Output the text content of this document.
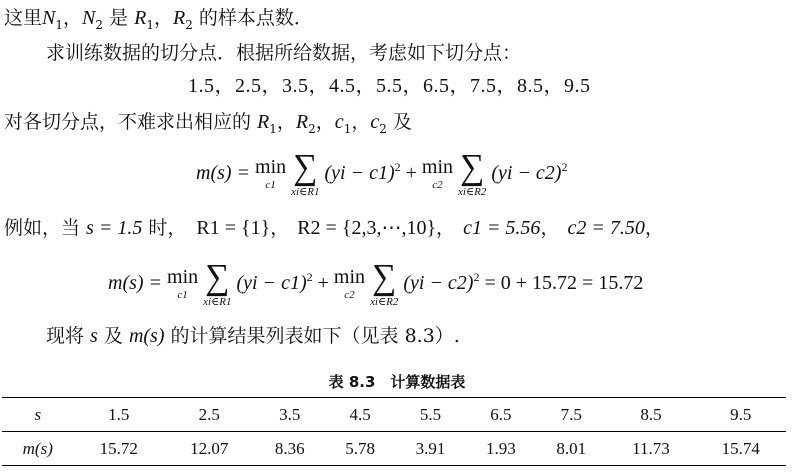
这里$N_1$，$N_2$ 是 $R_1$，$R_2$ 的样本点数．
求训练数据的切分点．根据所给数据，考虑如下切分点：
1.5，2.5，3.5，4.5，5.5，6.5，7.5，8.5，9.5
对各切分点，不难求出相应的 $R_1$，$R_2$，$c_1$，$c_2$ 及
m(s) = min
c1
∑
xi∈R1
(yi − c1)$^2$ + min
c2
∑
xi∈R2
(yi − c2)$^2$
例如，当 s = 1.5 时， R1 = {1}， R2 = {2,3,⋯,10}， c1 = 5.56， c2 = 7.50，
m(s) = min
c1
∑
xi∈R1
(yi − c1)$^2$ + min
c2
∑
xi∈R2
(yi − c2)$^2$ = 0 + 15.72 = 15.72
现将 s 及 m(s) 的计算结果列表如下（见表 8.3）.
表 8.3　计算数据表
s	1.5	2.5	3.5	4.5	5.5	6.5	7.5	8.5	9.5
m(s)	15.72	12.07	8.36	5.78	3.91	1.93	8.01	11.73	15.74
